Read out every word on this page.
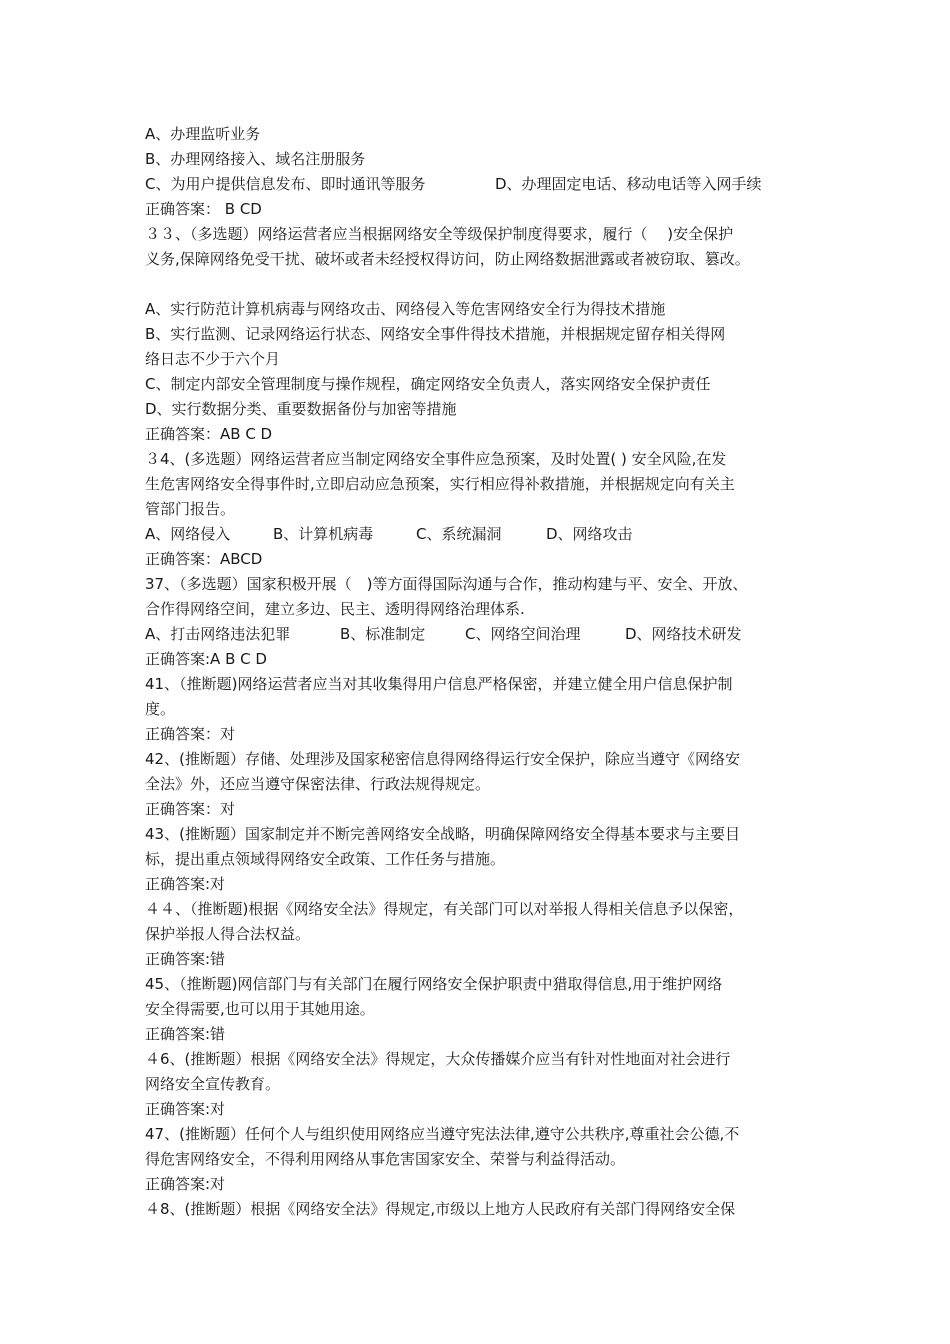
A、办理监听业务
B、办理网络接入、域名注册服务
C、为用户提供信息发布、即时通讯等服务	D、办理固定电话、移动电话等入网手续
正确答案： B CD
３３、（多选题）网络运营者应当根据网络安全等级保护制度得要求，履行（　 )安全保护
义务,保障网络免受干扰、破坏或者未经授权得访问，防止网络数据泄露或者被窃取、篡改。
A、实行防范计算机病毒与网络攻击、网络侵入等危害网络安全行为得技术措施
B、实行监测、记录网络运行状态、网络安全事件得技术措施，并根据规定留存相关得网
络日志不少于六个月
C、制定内部安全管理制度与操作规程，确定网络安全负责人，落实网络安全保护责任
D、实行数据分类、重要数据备份与加密等措施
正确答案：AB C D
３4、(多选题）网络运营者应当制定网络安全事件应急预案，及时处置( ) 安全风险,在发
生危害网络安全得事件时,立即启动应急预案，实行相应得补救措施，并根据规定向有关主
管部门报告。
A、网络侵入	B、计算机病毒	C、系统漏洞	D、网络攻击
正确答案：ABCD
37、（多选题）国家积极开展（　)等方面得国际沟通与合作，推动构建与平、安全、开放、
合作得网络空间，建立多边、民主、透明得网络治理体系.
A、打击网络违法犯罪	B、标准制定	C、网络空间治理	D、网络技术研发
正确答案:A B C D
41、（推断题)网络运营者应当对其收集得用户信息严格保密，并建立健全用户信息保护制
度。
正确答案：对
42、(推断题）存储、处理涉及国家秘密信息得网络得运行安全保护，除应当遵守《网络安
全法》外，还应当遵守保密法律、行政法规得规定。
正确答案：对
43、(推断题）国家制定并不断完善网络安全战略，明确保障网络安全得基本要求与主要目
标，提出重点领域得网络安全政策、工作任务与措施。
正确答案:对
４４、（推断题)根据《网络安全法》得规定，有关部门可以对举报人得相关信息予以保密，
保护举报人得合法权益。
正确答案:错
45、（推断题)网信部门与有关部门在履行网络安全保护职责中猎取得信息,用于维护网络
安全得需要,也可以用于其她用途。
正确答案:错
４6、(推断题）根据《网络安全法》得规定，大众传播媒介应当有针对性地面对社会进行
网络安全宣传教育。
正确答案:对
47、(推断题）任何个人与组织使用网络应当遵守宪法法律,遵守公共秩序,尊重社会公德,不
得危害网络安全，不得利用网络从事危害国家安全、荣誉与利益得活动。
正确答案:对
４8、(推断题）根据《网络安全法》得规定,市级以上地方人民政府有关部门得网络安全保
